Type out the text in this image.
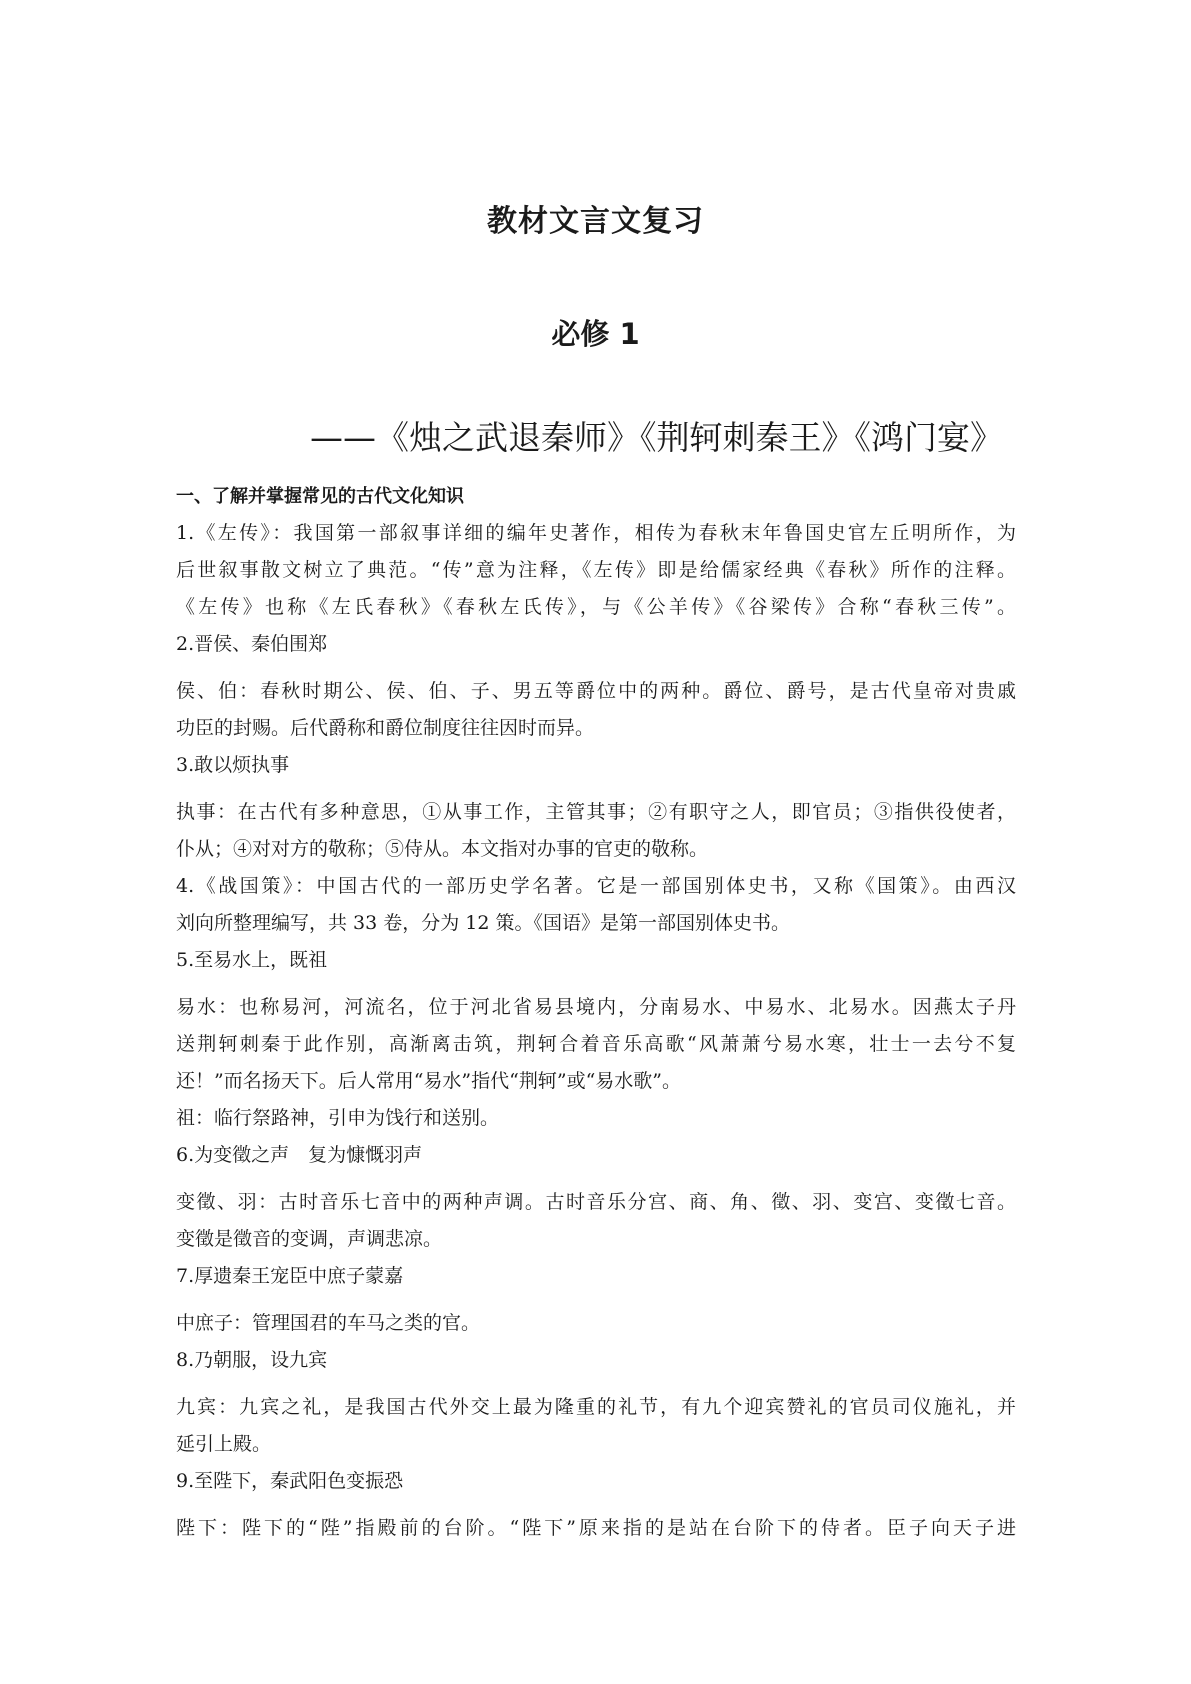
教材文言文复习
必修 1
——《烛之武退秦师》《荆轲刺秦王》《鸿门宴》
一、了解并掌握常见的古代文化知识
1.《左传》：我国第一部叙事详细的编年史著作，相传为春秋末年鲁国史官左丘明所作，为
后世叙事散文树立了典范。“传”意为注释，《左传》即是给儒家经典《春秋》所作的注释。
《左传》也称《左氏春秋》《春秋左氏传》，与《公羊传》《谷梁传》合称“春秋三传”。
2.晋侯、秦伯围郑
侯、伯：春秋时期公、侯、伯、子、男五等爵位中的两种。爵位、爵号，是古代皇帝对贵戚
功臣的封赐。后代爵称和爵位制度往往因时而异。
3.敢以烦执事
执事：在古代有多种意思，①从事工作，主管其事；②有职守之人，即官员；③指供役使者，
仆从；④对对方的敬称；⑤侍从。本文指对办事的官吏的敬称。
4.《战国策》：中国古代的一部历史学名著。它是一部国别体史书，又称《国策》。由西汉
刘向所整理编写，共 33 卷，分为 12 策。《国语》是第一部国别体史书。
5.至易水上，既祖
易水：也称易河，河流名，位于河北省易县境内，分南易水、中易水、北易水。因燕太子丹
送荆轲刺秦于此作别，高渐离击筑，荆轲合着音乐高歌“风萧萧兮易水寒，壮士一去兮不复
还！”而名扬天下。后人常用“易水”指代“荆轲”或“易水歌”。
祖：临行祭路神，引申为饯行和送别。
6.为变徵之声　复为慷慨羽声
变徵、羽：古时音乐七音中的两种声调。古时音乐分宫、商、角、徵、羽、变宫、变徵七音。
变徵是徵音的变调，声调悲凉。
7.厚遗秦王宠臣中庶子蒙嘉
中庶子：管理国君的车马之类的官。
8.乃朝服，设九宾
九宾：九宾之礼，是我国古代外交上最为隆重的礼节，有九个迎宾赞礼的官员司仪施礼，并
延引上殿。
9.至陛下，秦武阳色变振恐
陛下：陛下的“陛”指殿前的台阶。“陛下”原来指的是站在台阶下的侍者。臣子向天子进
